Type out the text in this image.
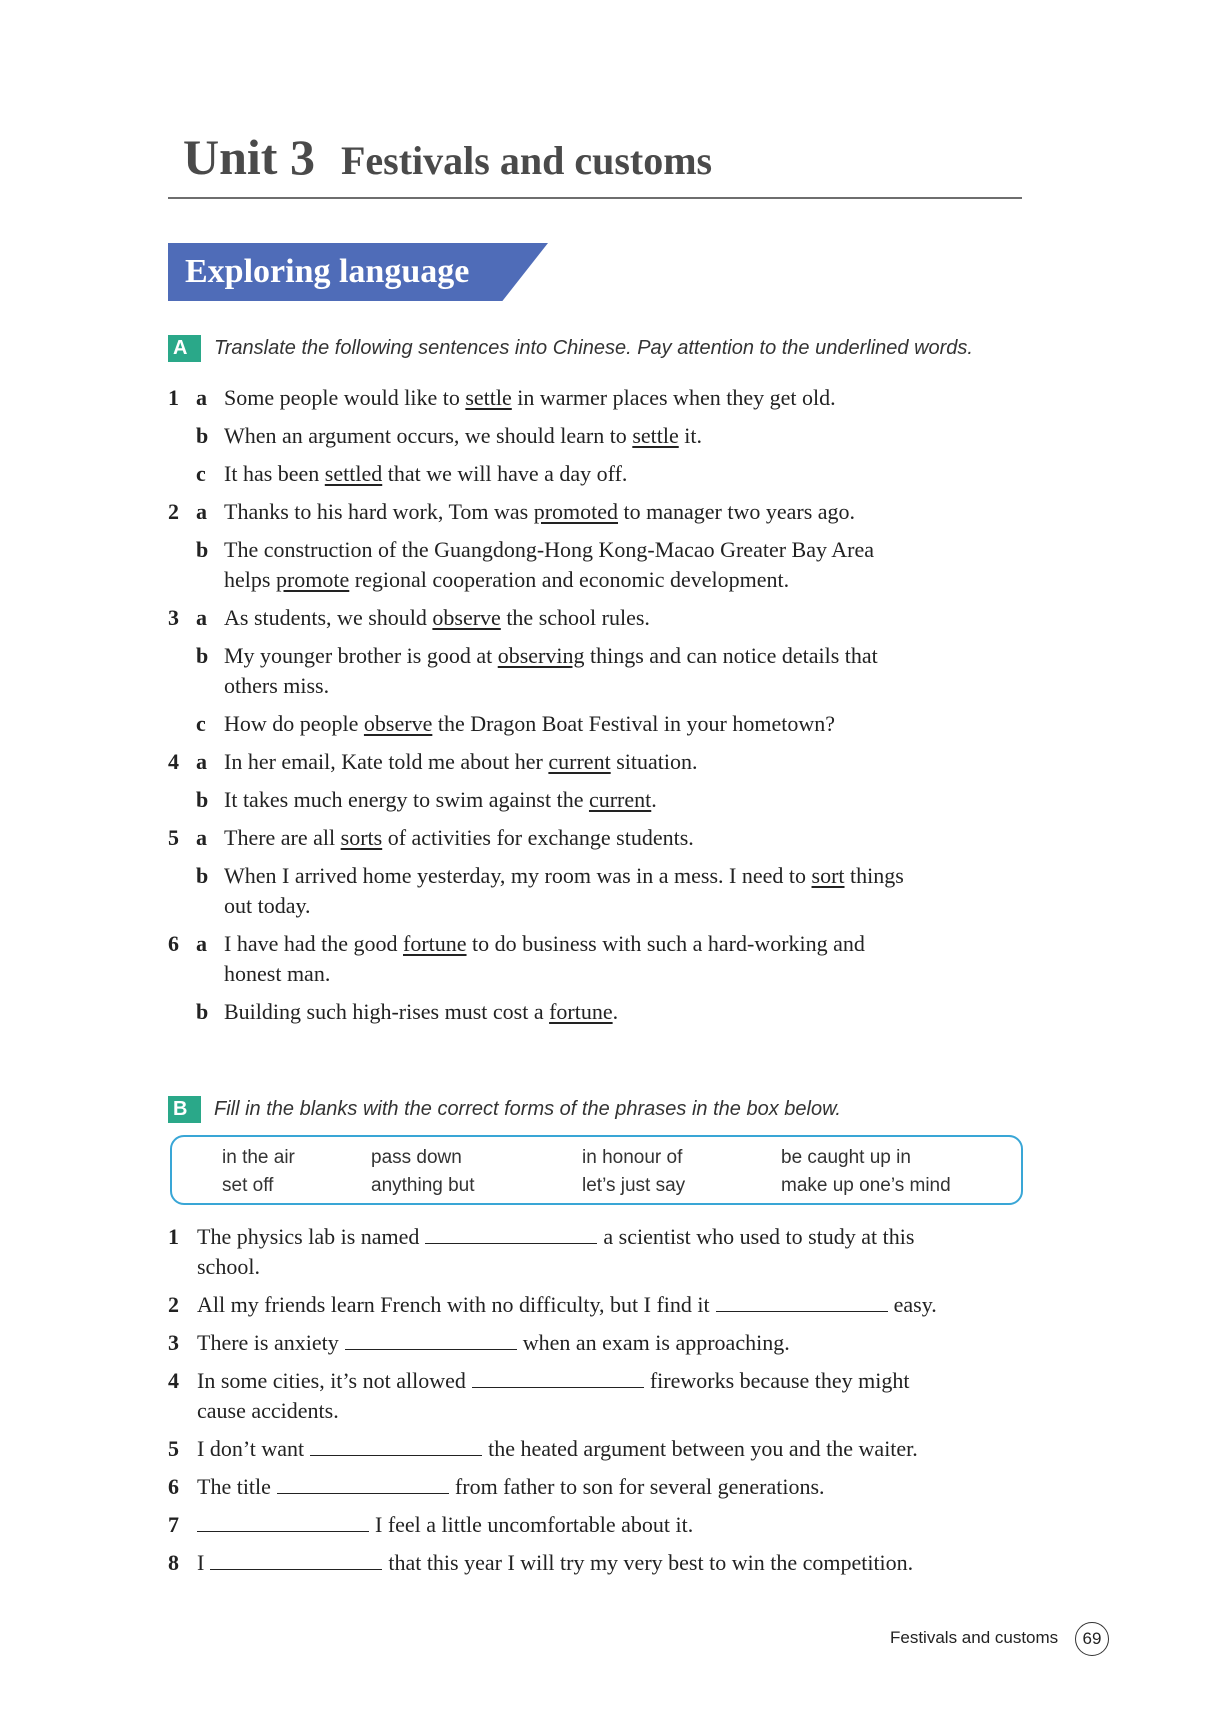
Unit 3 Festivals and customs
Exploring language
A	Translate the following sentences into Chinese. Pay attention to the underlined words.
1 a Some people would like to settle in warmer places when they get old.
b When an argument occurs, we should learn to settle it.
c It has been settled that we will have a day off.
2 a Thanks to his hard work, Tom was promoted to manager two years ago.
b The construction of the Guangdong-Hong Kong-Macao Greater Bay Area
helps promote regional cooperation and economic development.
3 a As students, we should observe the school rules.
b My younger brother is good at observing things and can notice details that
others miss.
c How do people observe the Dragon Boat Festival in your hometown?
4 a In her email, Kate told me about her current situation.
b It takes much energy to swim against the current.
5 a There are all sorts of activities for exchange students.
b When I arrived home yesterday, my room was in a mess. I need to sort things
out today.
6 a I have had the good fortune to do business with such a hard-working and
honest man.
b Building such high-rises must cost a fortune.
B	Fill in the blanks with the correct forms of the phrases in the box below.
in the air	pass down	in honour of	be caught up in
set off	anything but	let’s just say	make up one’s mind
1 The physics lab is named	a scientist who used to study at this
school.
2 All my friends learn French with no difficulty, but I find it	easy.
3 There is anxiety	when an exam is approaching.
4 In some cities, it’s not allowed	fireworks because they might
cause accidents.
5 I don’t want	the heated argument between you and the waiter.
6 The title	from father to son for several generations.
7	I feel a little uncomfortable about it.
8 I	that this year I will try my very best to win the competition.
Festivals and customs	69
